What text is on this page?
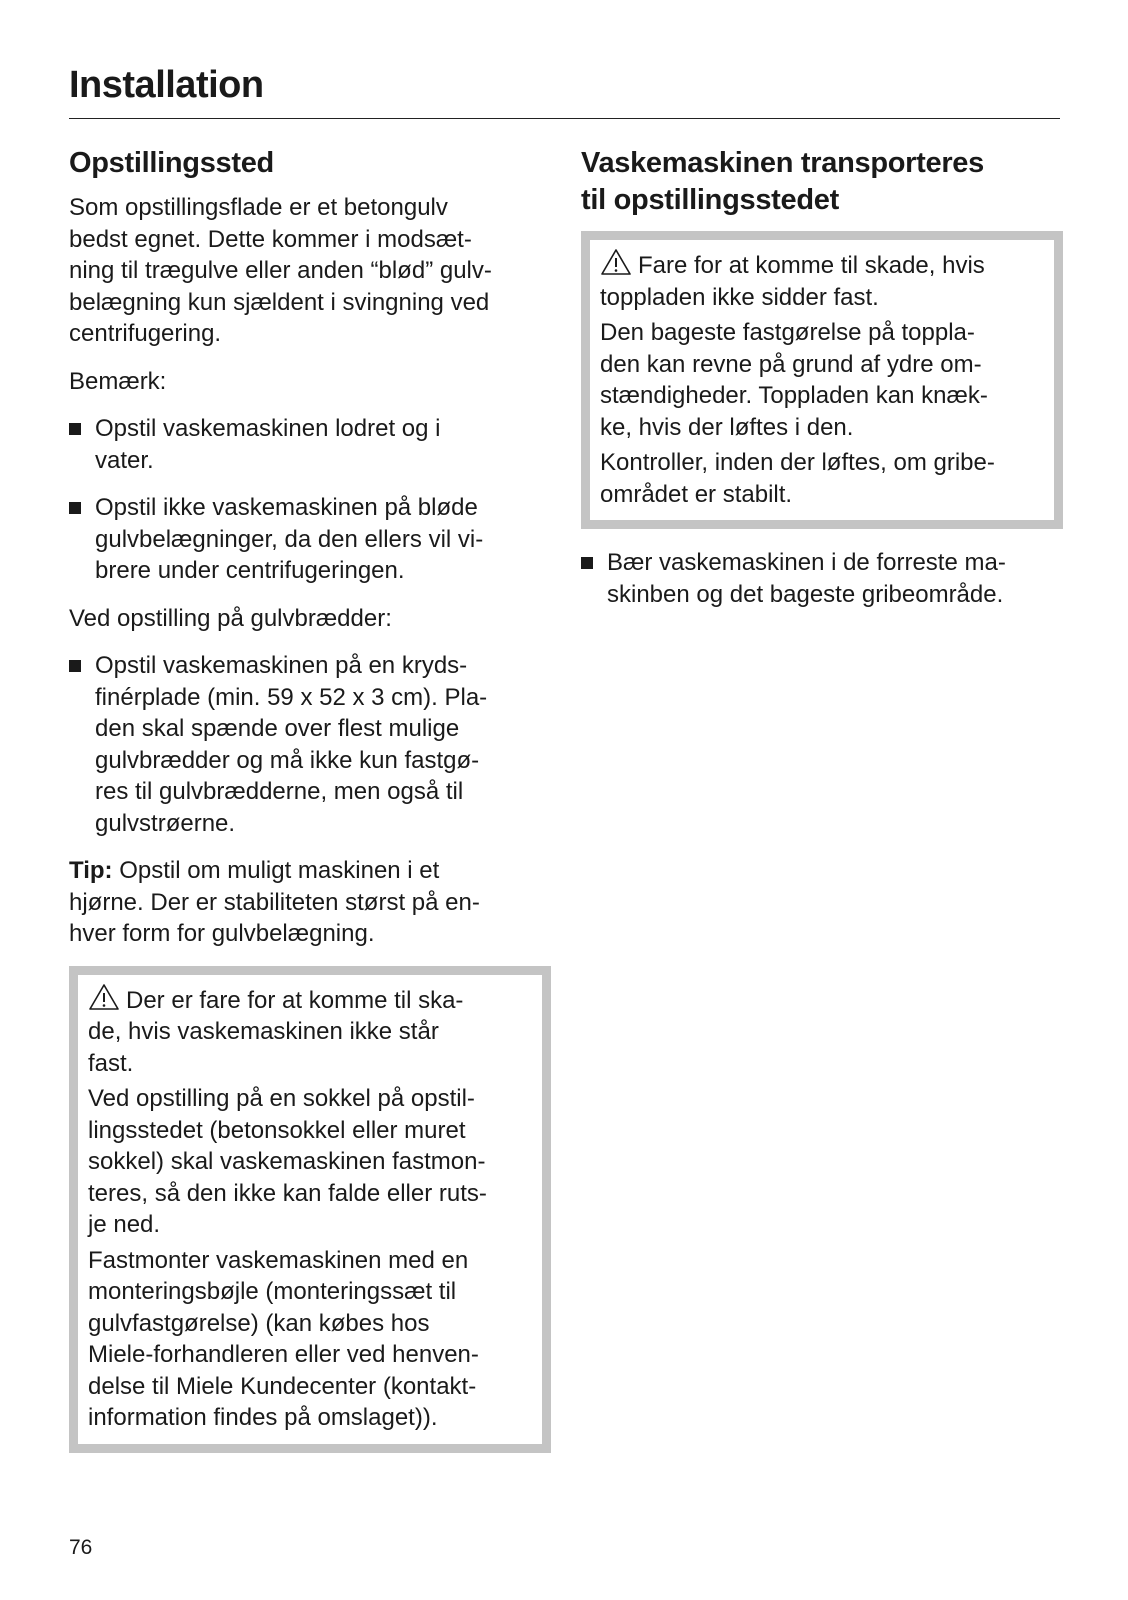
Installation
Opstillingssted

Som opstillingsflade er et betongulv
bedst egnet. Dette kommer i modsæt-
ning til trægulve eller anden “blød” gulv-
belægning kun sjældent i svingning ved
centrifugering.

Bemærk:

Opstil vaskemaskinen lodret og i
vater.
Opstil ikke vaskemaskinen på bløde
gulvbelægninger, da den ellers vil vi-
brere under centrifugeringen.

Ved opstilling på gulvbrædder:

Opstil vaskemaskinen på en kryds-
finérplade (min. 59 x 52 x 3 cm). Pla-
den skal spænde over flest mulige
gulvbrædder og må ikke kun fastgø-
res til gulvbrædderne, men også til
gulvstrøerne.

Tip: Opstil om muligt maskinen i et
hjørne. Der er stabiliteten størst på en-
hver form for gulvbelægning.

Der er fare for at komme til ska-
de, hvis vaskemaskinen ikke står
fast.

Ved opstilling på en sokkel på opstil-
lingsstedet (betonsokkel eller muret
sokkel) skal vaskemaskinen fastmon-
teres, så den ikke kan falde eller ruts-
je ned.

Fastmonter vaskemaskinen med en
monteringsbøjle (monteringssæt til
gulvfastgørelse) (kan købes hos
Miele-forhandleren eller ved henven-
delse til Miele Kundecenter (kontakt-
information findes på omslaget)).

Vaskemaskinen transporteres
til opstillingsstedet

Fare for at komme til skade, hvis
toppladen ikke sidder fast.

Den bageste fastgørelse på toppla-
den kan revne på grund af ydre om-
stændigheder. Toppladen kan knæk-
ke, hvis der løftes i den.

Kontroller, inden der løftes, om gribe-
området er stabilt.

Bær vaskemaskinen i de forreste ma-
skinben og det bageste gribeområde.
76
